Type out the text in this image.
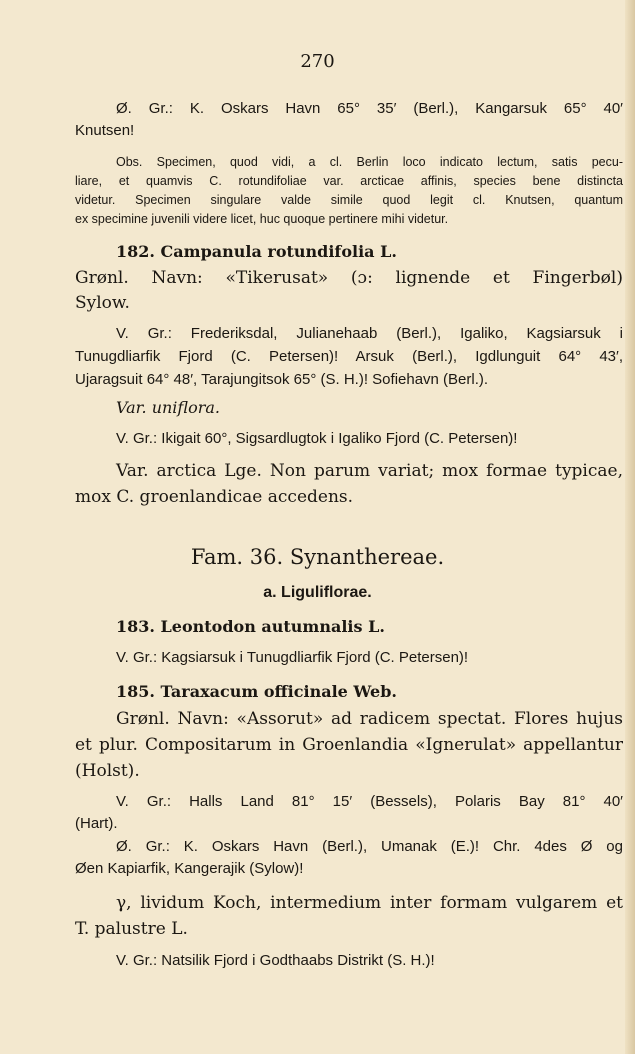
270
Ø. Gr.: K. Oskars Havn 65° 35′ (Berl.), Kangarsuk 65° 40′
Knutsen!
Obs. Specimen, quod vidi, a cl. Berlin loco indicato lectum, satis pecu-
liare, et quamvis C. rotundifoliae var. arcticae affinis, species bene distincta
videtur. Specimen singulare valde simile quod legit cl. Knutsen, quantum
ex specimine juvenili videre licet, huc quoque pertinere mihi videtur.
182. Campanula rotundifolia L.
Grønl. Navn: «Tikerusat» (ɔ: lignende et Fingerbøl)
Sylow.
V. Gr.: Frederiksdal, Julianehaab (Berl.), Igaliko, Kagsiarsuk i
Tunugdliarfik Fjord (C. Petersen)! Arsuk (Berl.), Igdlunguit 64° 43′,
Ujaragsuit 64° 48′, Tarajungitsok 65° (S. H.)! Sofiehavn (Berl.).
Var. uniflora.
V. Gr.: Ikigait 60°, Sigsardlugtok i Igaliko Fjord (C. Petersen)!
Var. arctica Lge. Non parum variat; mox formae typicae,
mox C. groenlandicae accedens.
Fam. 36. Synanthereae.
a. Liguliflorae.
183. Leontodon autumnalis L.
V. Gr.: Kagsiarsuk i Tunugdliarfik Fjord (C. Petersen)!
185. Taraxacum officinale Web.
Grønl. Navn: «Assorut» ad radicem spectat. Flores hujus
et plur. Compositarum in Groenlandia «Ignerulat» appellantur
(Holst).
V. Gr.: Halls Land 81° 15′ (Bessels), Polaris Bay 81° 40′
(Hart).
Ø. Gr.: K. Oskars Havn (Berl.), Umanak (E.)! Chr. 4des Ø og
Øen Kapiarfik, Kangerajik (Sylow)!
γ, lividum Koch, intermedium inter formam vulgarem et
T. palustre L.
V. Gr.: Natsilik Fjord i Godthaabs Distrikt (S. H.)!
